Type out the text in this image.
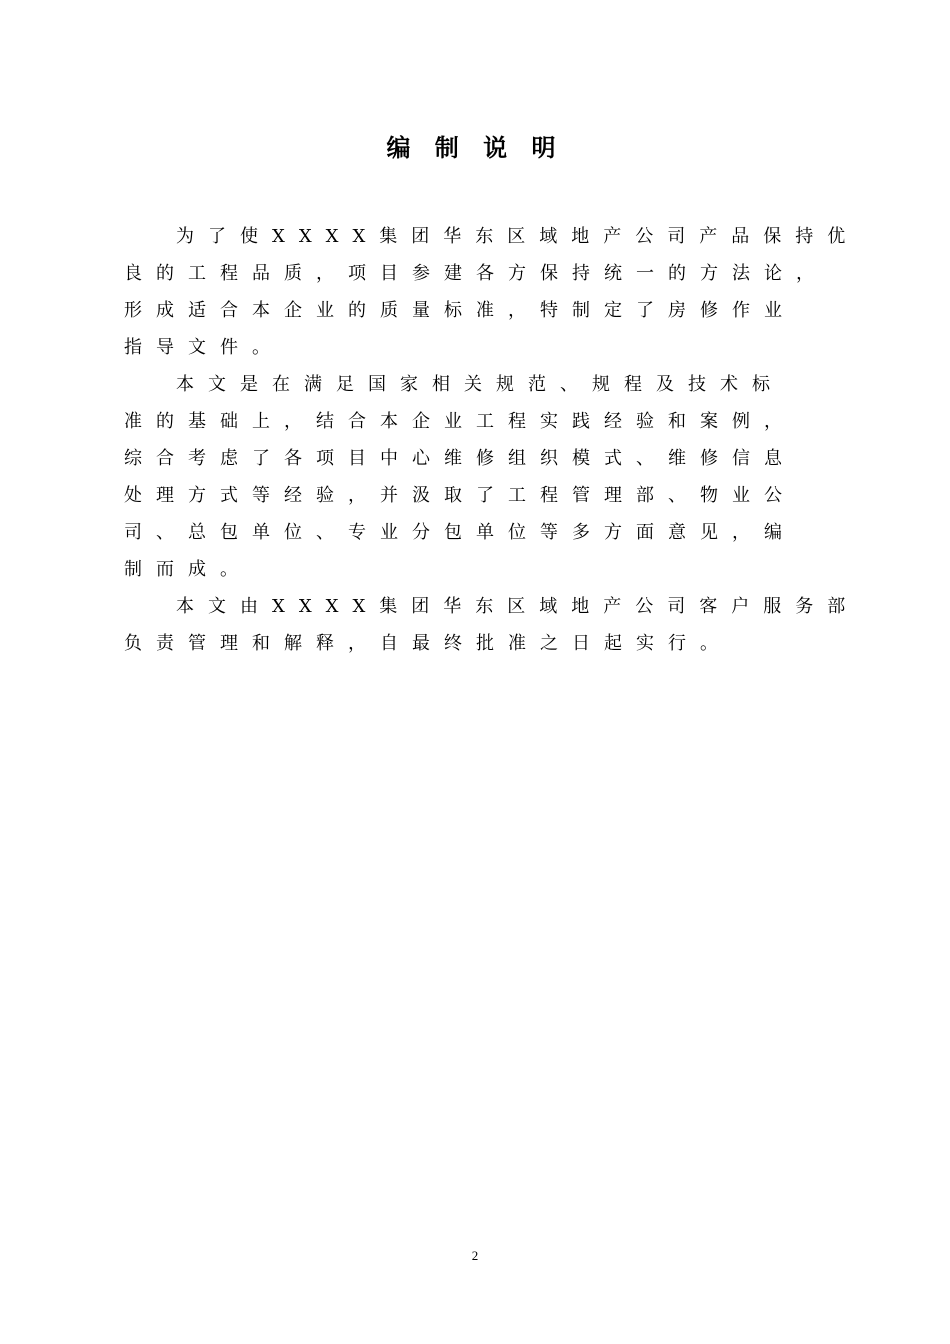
编 制 说 明
为了使XXXX集团华东区域地产公司产品保持优
良的工程品质，项目参建各方保持统一的方法论，
形成适合本企业的质量标准，特制定了房修作业
指导文件。
本文是在满足国家相关规范、规程及技术标
准的基础上，结合本企业工程实践经验和案例，
综合考虑了各项目中心维修组织模式、维修信息
处理方式等经验，并汲取了工程管理部、物业公
司、总包单位、专业分包单位等多方面意见，编
制而成。
本文由XXXX集团华东区域地产公司客户服务部
负责管理和解释，自最终批准之日起实行。
2
